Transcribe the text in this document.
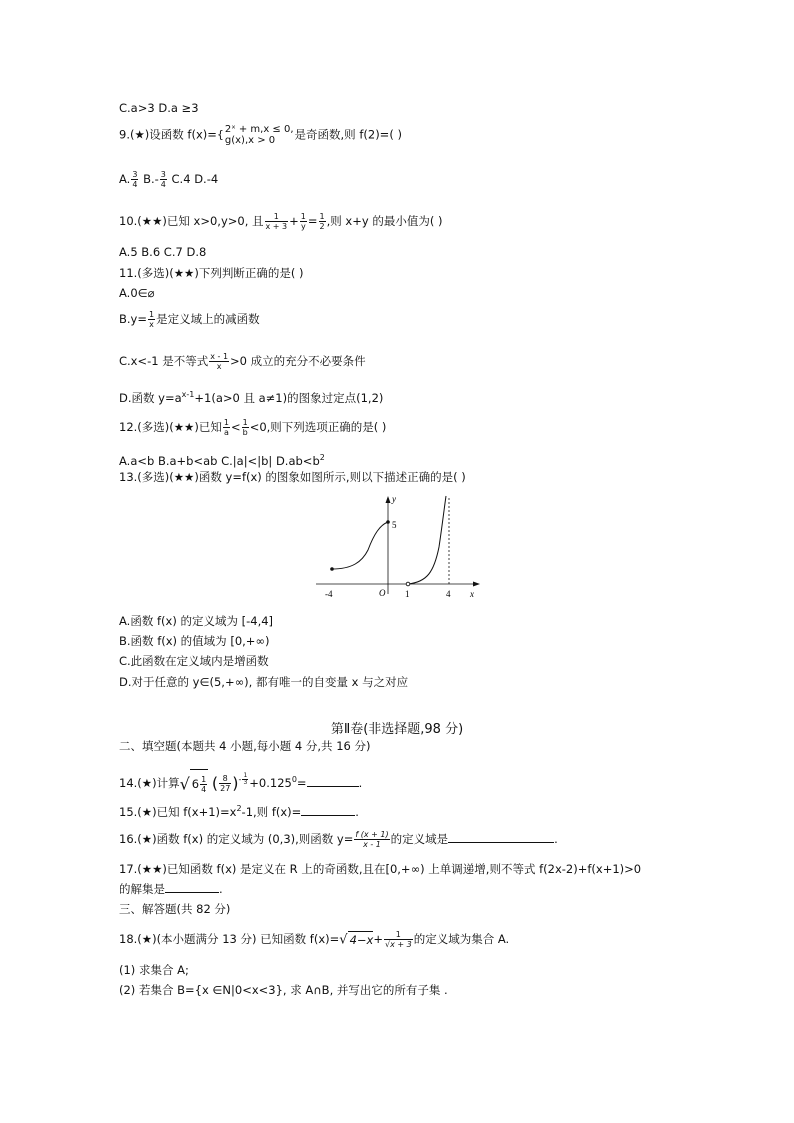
C.a>3 D.a ≥3
9.(★)设函数 f(x)={ 2ˣ + m,x ≤ 0,
g(x),x > 0	是奇函数,则 f(2)=( )
A. $\frac{3}{4} B.- \frac{3}{4} C.4$ D.-4
10.(★★)已知 x>0,y>0, 且 $\frac{1}{x + 3} + \frac{1}{y} = \frac{1}{2}$ ,则 x+y 的最小值为( )
A.5 B.6 C.7 D.8
11.(多选)(★★)下列判断正确的是( )
A.0∈⌀
$B.y= \frac{1}{x}$ 是定义域上的减函数
C.x<-1 是不等式 $\frac{x - 1}{x} >0$ 成立的充分不必要条件
D.函数 $y=a^{x-1}+1(a>0$ 且 a≠1)的图象过定点(1,2)
12.(多选)(★★)已知 $\frac{1}{a} < \frac{1}{b} <0$,则下列选项正确的是( )
A.a<b B.a+b<ab C.|a|<|b| $D.ab<b^2$
13.(多选)(★★)函数 y=f(x) 的图象如图所示,则以下描述正确的是( )
y
x
5
-4	O 1	4
A.函数 f(x) 的定义域为 [-4,4]
B.函数 f(x) 的值域为 [0,+∞)
C.此函数在定义域内是增函数
D.对于任意的 y∈(5,+∞), 都有唯一的自变量 x 与之对应
第Ⅱ卷(非选择题,98 分)
二、填空题(本题共 4 小题,每小题 4 分,共 16 分)
14.(★)计算√ $6 \frac{1}{4}$ ( $\frac{8}{27} )^{- \frac{1}{3}} +0.125^0=$	.
15.(★)已知 $f(x+1)=x^2-1$,则 f(x)=	.
16.(★)函数 f(x) 的定义域为 (0,3),则函数 $y= \frac{f (x + 1)}{x - 1}$ 的定义域是	.
17.(★★)已知函数 f(x) 是定义在 R 上的奇函数,且在[0,+∞) 上单调递增,则不等式 f(2x-2)+f(x+1)>0
的解集是	.
三、解答题(共 82 分)
18.(★)(本小题满分 13 分) 已知函数 f(x)=√ $4-x+ \frac{1}{√x + 3}$ 的定义域为集合 A.
(1) 求集合 A;
(2) 若集合 B={x ∈N|0<x<3}, 求 A∩B, 并写出它的所有子集 .
